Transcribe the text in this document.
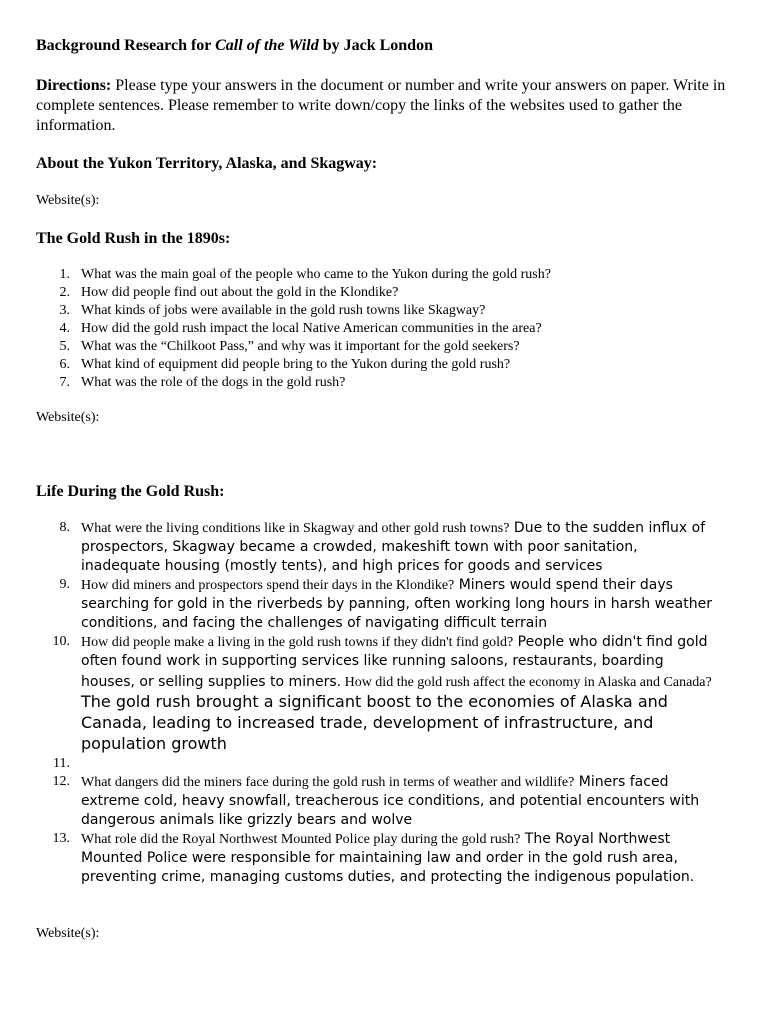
Background Research for Call of the Wild by Jack London
Directions: Please type your answers in the document or number and write your answers on paper. Write in complete sentences. Please remember to write down/copy the links of the websites used to gather the information.
About the Yukon Territory, Alaska, and Skagway:
Website(s):
The Gold Rush in the 1890s:
1. What was the main goal of the people who came to the Yukon during the gold rush?
2. How did people find out about the gold in the Klondike?
3. What kinds of jobs were available in the gold rush towns like Skagway?
4. How did the gold rush impact the local Native American communities in the area?
5. What was the “Chilkoot Pass,” and why was it important for the gold seekers?
6. What kind of equipment did people bring to the Yukon during the gold rush?
7. What was the role of the dogs in the gold rush?
Website(s):
Life During the Gold Rush:
8. What were the living conditions like in Skagway and other gold rush towns? Due to the sudden influx of prospectors, Skagway became a crowded, makeshift town with poor sanitation, inadequate housing (mostly tents), and high prices for goods and services
9. How did miners and prospectors spend their days in the Klondike? Miners would spend their days searching for gold in the riverbeds by panning, often working long hours in harsh weather conditions, and facing the challenges of navigating difficult terrain
10. How did people make a living in the gold rush towns if they didn't find gold? People who didn't find gold often found work in supporting services like running saloons, restaurants, boarding houses, or selling supplies to miners. How did the gold rush affect the economy in Alaska and Canada? The gold rush brought a significant boost to the economies of Alaska and Canada, leading to increased trade, development of infrastructure, and population growth
11.
12. What dangers did the miners face during the gold rush in terms of weather and wildlife? Miners faced extreme cold, heavy snowfall, treacherous ice conditions, and potential encounters with dangerous animals like grizzly bears and wolve
13. What role did the Royal Northwest Mounted Police play during the gold rush? The Royal Northwest Mounted Police were responsible for maintaining law and order in the gold rush area, preventing crime, managing customs duties, and protecting the indigenous population.
Website(s):
